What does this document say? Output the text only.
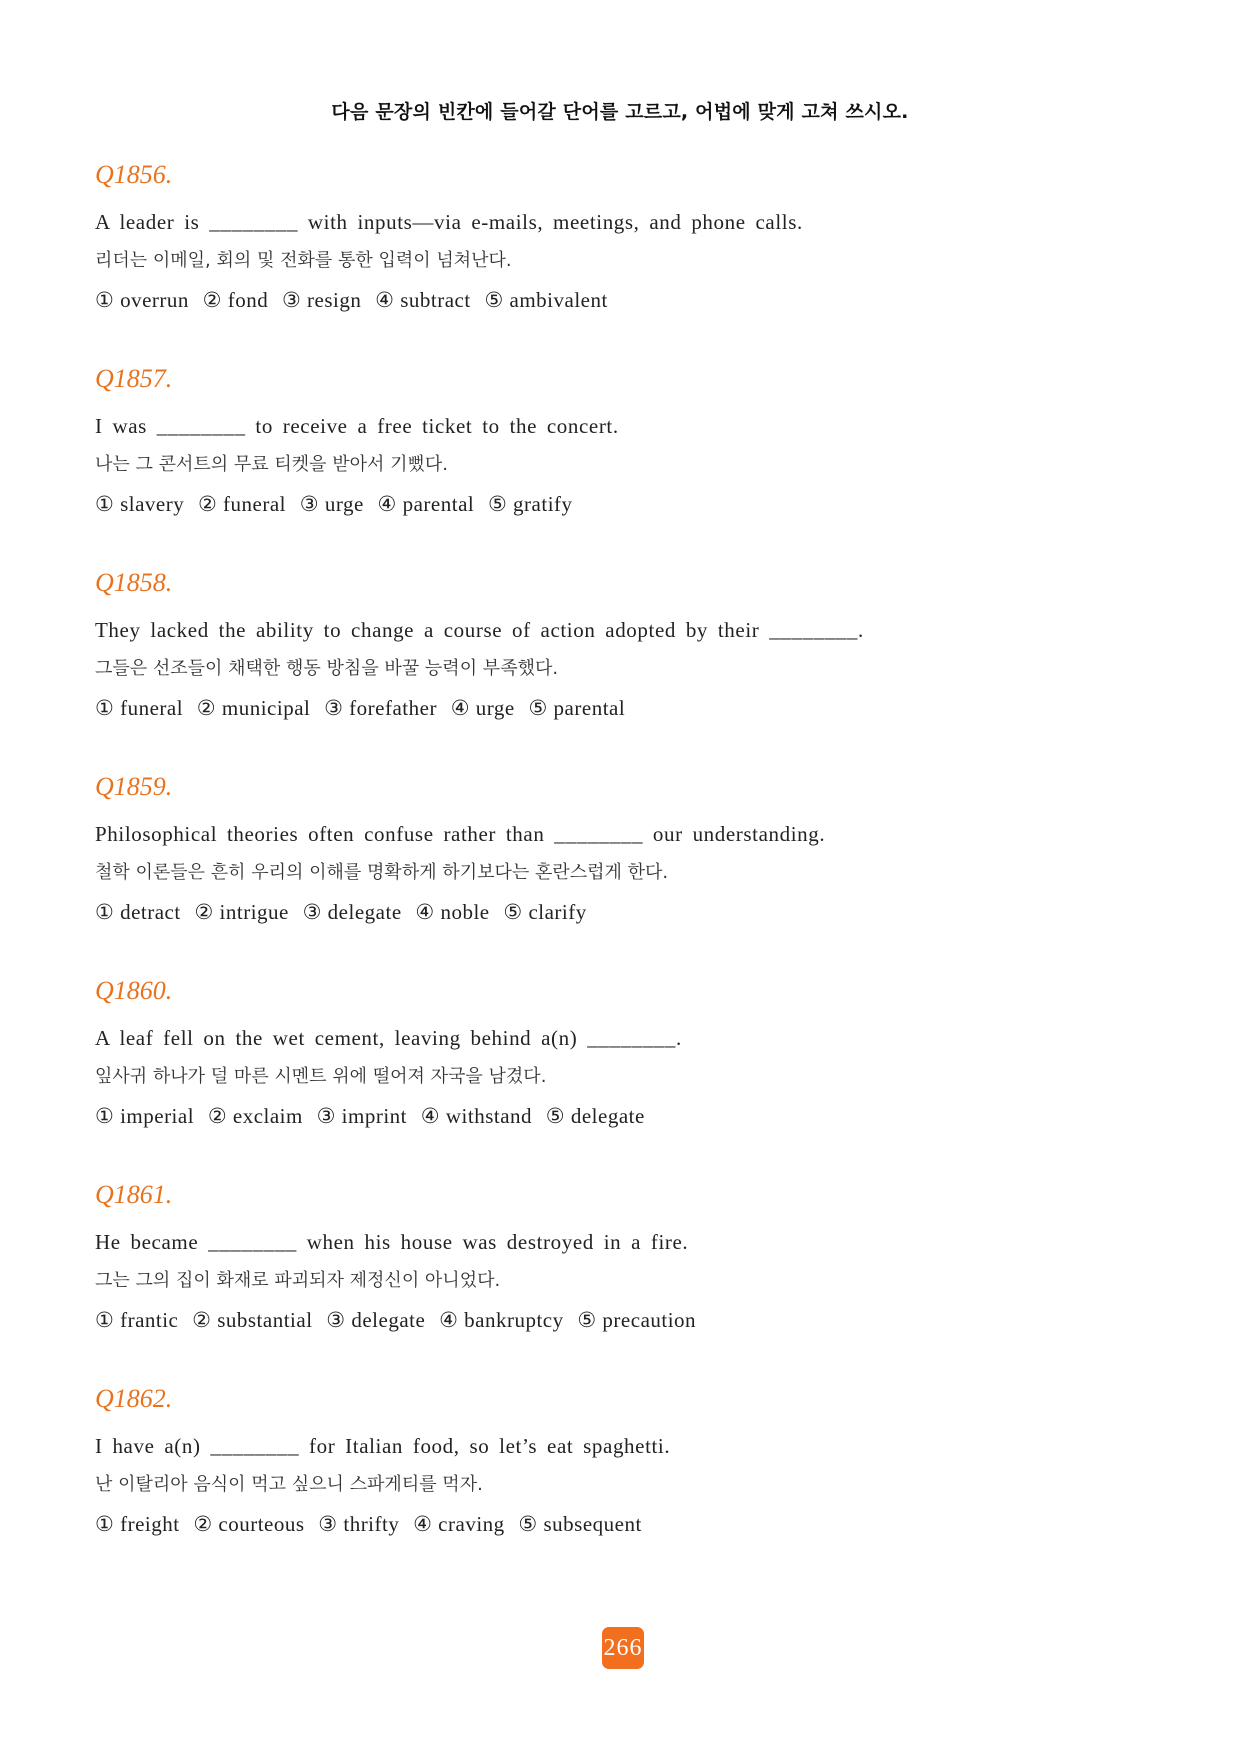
다음 문장의 빈칸에 들어갈 단어를 고르고, 어법에 맞게 고쳐 쓰시오.
Q1856.
A leader is ________ with inputs—via e-mails, meetings, and phone calls.
리더는 이메일, 회의 및 전화를 통한 입력이 넘쳐난다.
① overrun ② fond ③ resign ④ subtract ⑤ ambivalent
Q1857.
I was ________ to receive a free ticket to the concert.
나는 그 콘서트의 무료 티켓을 받아서 기뻤다.
① slavery ② funeral ③ urge ④ parental ⑤ gratify
Q1858.
They lacked the ability to change a course of action adopted by their ________.
그들은 선조들이 채택한 행동 방침을 바꿀 능력이 부족했다.
① funeral ② municipal ③ forefather ④ urge ⑤ parental
Q1859.
Philosophical theories often confuse rather than ________ our understanding.
철학 이론들은 흔히 우리의 이해를 명확하게 하기보다는 혼란스럽게 한다.
① detract ② intrigue ③ delegate ④ noble ⑤ clarify
Q1860.
A leaf fell on the wet cement, leaving behind a(n) ________.
잎사귀 하나가 덜 마른 시멘트 위에 떨어져 자국을 남겼다.
① imperial ② exclaim ③ imprint ④ withstand ⑤ delegate
Q1861.
He became ________ when his house was destroyed in a fire.
그는 그의 집이 화재로 파괴되자 제정신이 아니었다.
① frantic ② substantial ③ delegate ④ bankruptcy ⑤ precaution
Q1862.
I have a(n) ________ for Italian food, so let’s eat spaghetti.
난 이탈리아 음식이 먹고 싶으니 스파게티를 먹자.
① freight ② courteous ③ thrifty ④ craving ⑤ subsequent
266
